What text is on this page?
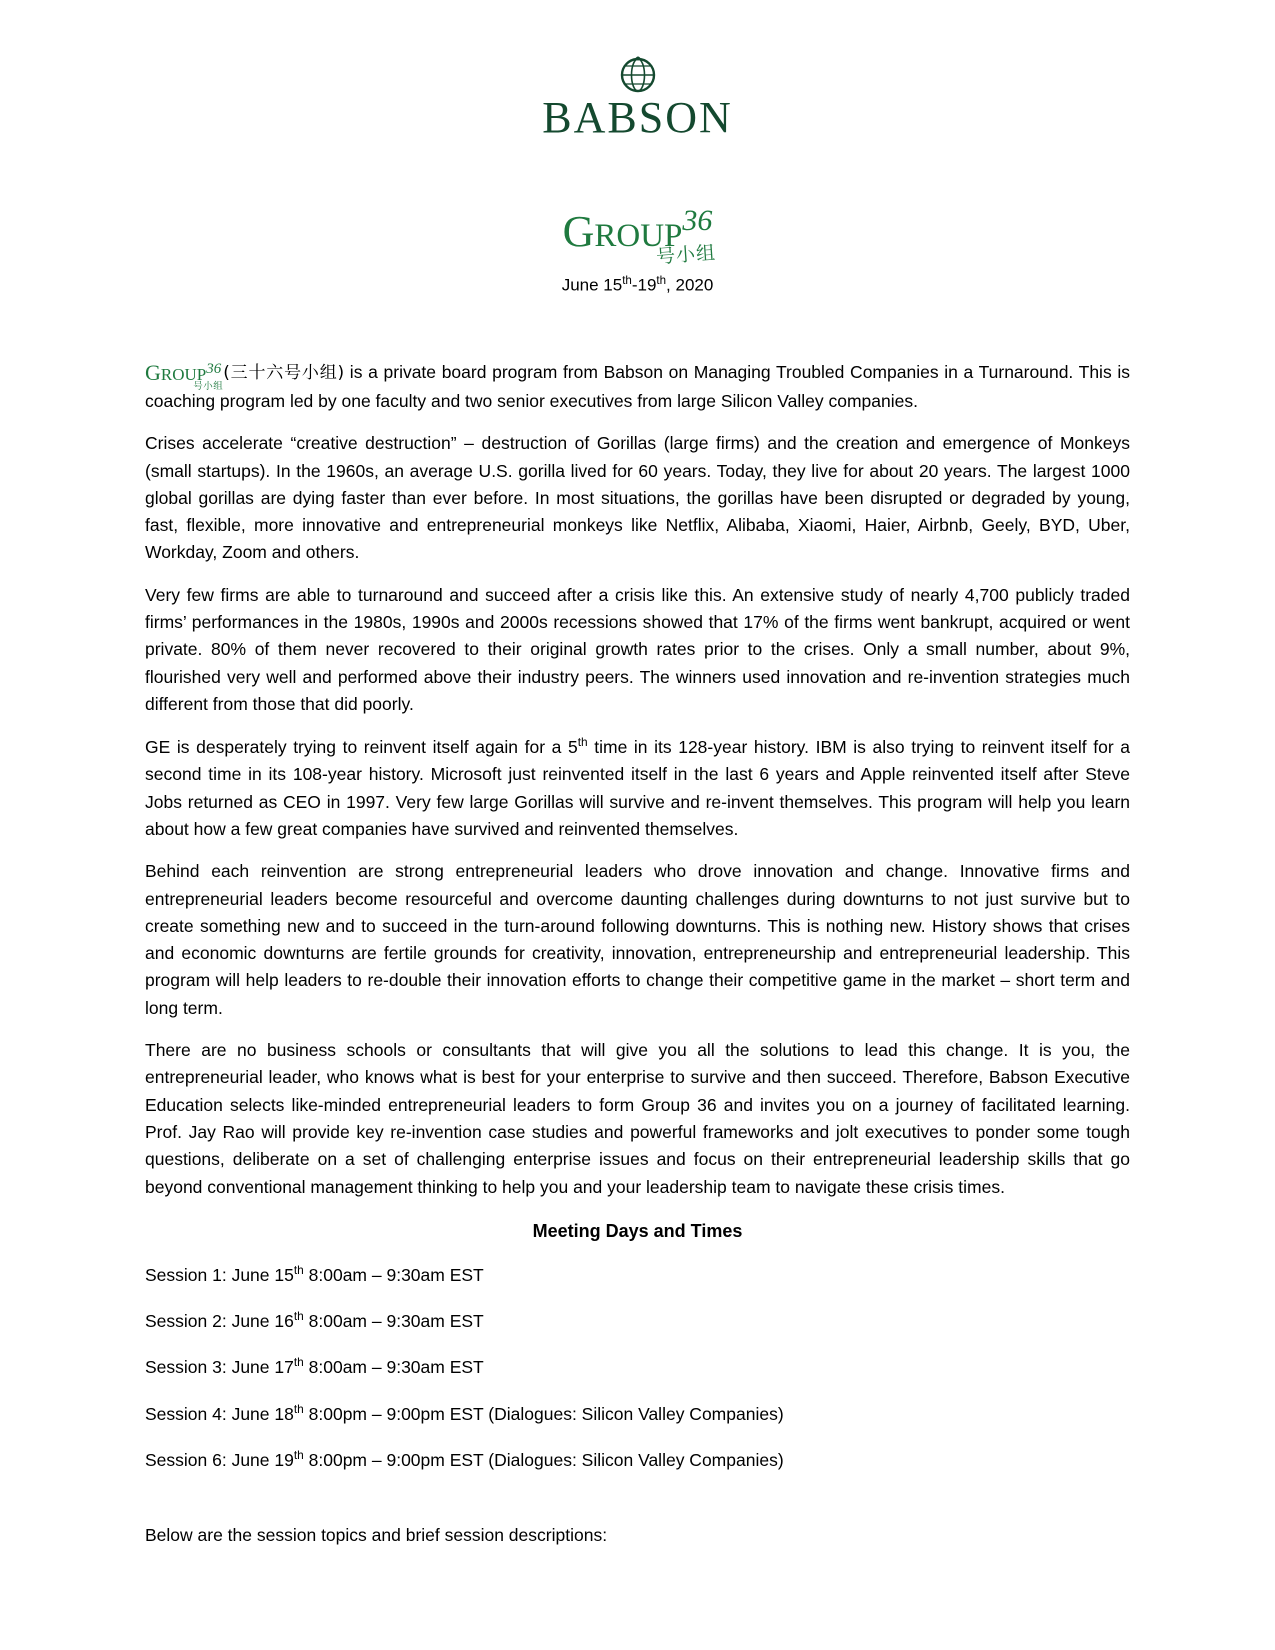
BABSON
GROUP36
号小组
June 15th-19th, 2020

GROUP36
号小组
(三十六号小组) is a private board program from Babson on Managing Troubled Companies in a Turnaround. This is coaching program led by one faculty and two senior executives from large Silicon Valley companies.

Crises accelerate “creative destruction” – destruction of Gorillas (large firms) and the creation and emergence of Monkeys (small startups). In the 1960s, an average U.S. gorilla lived for 60 years. Today, they live for about 20 years. The largest 1000 global gorillas are dying faster than ever before. In most situations, the gorillas have been disrupted or degraded by young, fast, flexible, more innovative and entrepreneurial monkeys like Netflix, Alibaba, Xiaomi, Haier, Airbnb, Geely, BYD, Uber, Workday, Zoom and others.

Very few firms are able to turnaround and succeed after a crisis like this. An extensive study of nearly 4,700 publicly traded firms’ performances in the 1980s, 1990s and 2000s recessions showed that 17% of the firms went bankrupt, acquired or went private. 80% of them never recovered to their original growth rates prior to the crises. Only a small number, about 9%, flourished very well and performed above their industry peers. The winners used innovation and re-invention strategies much different from those that did poorly.

GE is desperately trying to reinvent itself again for a 5th time in its 128-year history. IBM is also trying to reinvent itself for a second time in its 108-year history. Microsoft just reinvented itself in the last 6 years and Apple reinvented itself after Steve Jobs returned as CEO in 1997. Very few large Gorillas will survive and re-invent themselves. This program will help you learn about how a few great companies have survived and reinvented themselves.

Behind each reinvention are strong entrepreneurial leaders who drove innovation and change. Innovative firms and entrepreneurial leaders become resourceful and overcome daunting challenges during downturns to not just survive but to create something new and to succeed in the turn-around following downturns. This is nothing new. History shows that crises and economic downturns are fertile grounds for creativity, innovation, entrepreneurship and entrepreneurial leadership. This program will help leaders to re-double their innovation efforts to change their competitive game in the market – short term and long term.

There are no business schools or consultants that will give you all the solutions to lead this change. It is you, the entrepreneurial leader, who knows what is best for your enterprise to survive and then succeed. Therefore, Babson Executive Education selects like-minded entrepreneurial leaders to form Group 36 and invites you on a journey of facilitated learning. Prof. Jay Rao will provide key re-invention case studies and powerful frameworks and jolt executives to ponder some tough questions, deliberate on a set of challenging enterprise issues and focus on their entrepreneurial leadership skills that go beyond conventional management thinking to help you and your leadership team to navigate these crisis times.

Meeting Days and Times
Session 1: June 15th 8:00am – 9:30am EST
Session 2: June 16th 8:00am – 9:30am EST
Session 3: June 17th 8:00am – 9:30am EST
Session 4: June 18th 8:00pm – 9:00pm EST (Dialogues: Silicon Valley Companies)
Session 6: June 19th 8:00pm – 9:00pm EST (Dialogues: Silicon Valley Companies)
Below are the session topics and brief session descriptions:
